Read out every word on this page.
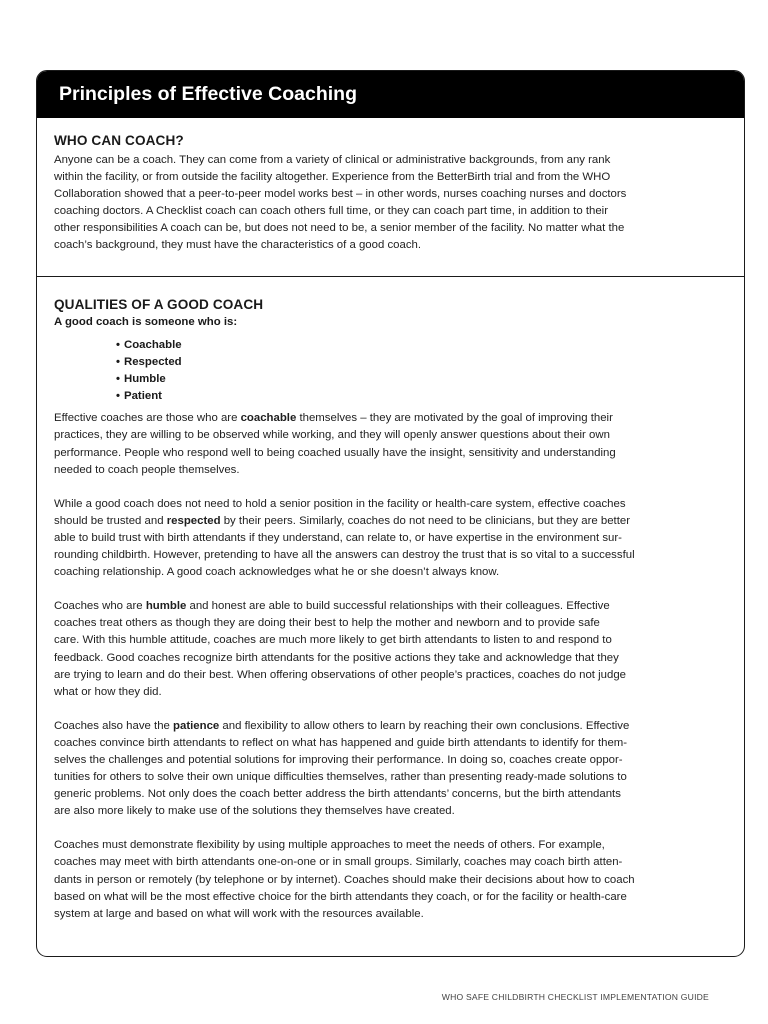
Principles of Effective Coaching
WHO CAN COACH?

Anyone can be a coach. They can come from a variety of clinical or administrative backgrounds, from any rank
within the facility, or from outside the facility altogether. Experience from the BetterBirth trial and from the WHO
Collaboration showed that a peer-to-peer model works best – in other words, nurses coaching nurses and doctors
coaching doctors. A Checklist coach can coach others full time, or they can coach part time, in addition to their
other responsibilities A coach can be, but does not need to be, a senior member of the facility. No matter what the
coach’s background, they must have the characteristics of a good coach.

QUALITIES OF A GOOD COACH

A good coach is someone who is:

• Coachable
• Respected
• Humble
• Patient

Effective coaches are those who are coachable themselves – they are motivated by the goal of improving their
practices, they are willing to be observed while working, and they will openly answer questions about their own
performance. People who respond well to being coached usually have the insight, sensitivity and understanding
needed to coach people themselves.

While a good coach does not need to hold a senior position in the facility or health-care system, effective coaches
should be trusted and respected by their peers. Similarly, coaches do not need to be clinicians, but they are better
able to build trust with birth attendants if they understand, can relate to, or have expertise in the environment sur-
rounding childbirth. However, pretending to have all the answers can destroy the trust that is so vital to a successful
coaching relationship. A good coach acknowledges what he or she doesn’t always know.

Coaches who are humble and honest are able to build successful relationships with their colleagues. Effective
coaches treat others as though they are doing their best to help the mother and newborn and to provide safe
care. With this humble attitude, coaches are much more likely to get birth attendants to listen to and respond to
feedback. Good coaches recognize birth attendants for the positive actions they take and acknowledge that they
are trying to learn and do their best. When offering observations of other people’s practices, coaches do not judge
what or how they did.

Coaches also have the patience and flexibility to allow others to learn by reaching their own conclusions. Effective
coaches convince birth attendants to reflect on what has happened and guide birth attendants to identify for them-
selves the challenges and potential solutions for improving their performance. In doing so, coaches create oppor-
tunities for others to solve their own unique difficulties themselves, rather than presenting ready-made solutions to
generic problems. Not only does the coach better address the birth attendants’ concerns, but the birth attendants
are also more likely to make use of the solutions they themselves have created.

Coaches must demonstrate flexibility by using multiple approaches to meet the needs of others. For example,
coaches may meet with birth attendants one-on-one or in small groups. Similarly, coaches may coach birth atten-
dants in person or remotely (by telephone or by internet). Coaches should make their decisions about how to coach
based on what will be the most effective choice for the birth attendants they coach, or for the facility or health-care
system at large and based on what will work with the resources available.

WHO SAFE CHILDBIRTH CHECKLIST IMPLEMENTATION GUIDE
